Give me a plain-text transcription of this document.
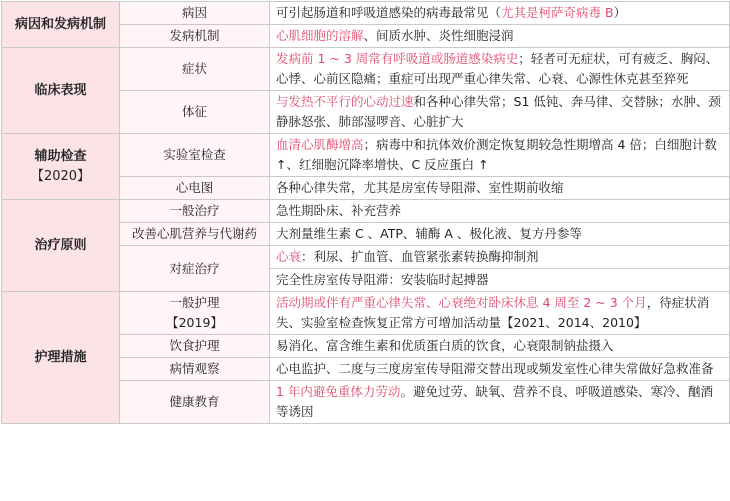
病因和发病机制	病因	可引起肠道和呼吸道感染的病毒最常见（尤其是柯萨奇病毒 B）
	发病机制	心肌细胞的溶解、间质水肿、炎性细胞浸润
临床表现	症状	发病前 1 ~ 3 周常有呼吸道或肠道感染病史；轻者可无症状，可有疲乏、胸闷、心悸、心前区隐痛；重症可出现严重心律失常、心衰、心源性休克甚至猝死
	体征	与发热不平行的心动过速和各种心律失常；S1 低钝、奔马律、交替脉；水肿、颈静脉怒张、肺部湿啰音、心脏扩大
辅助检查
【2020】	实验室检查	血清心肌酶增高；病毒中和抗体效价测定恢复期较急性期增高 4 倍；白细胞计数 ↑、红细胞沉降率增快、C 反应蛋白 ↑
	心电图	各种心律失常，尤其是房室传导阻滞、室性期前收缩
治疗原则	一般治疗	急性期卧床、补充营养
	改善心肌营养与代谢药	大剂量维生素 C 、ATP、辅酶 A 、极化液、复方丹参等
	对症治疗	心衰：利尿、扩血管、血管紧张素转换酶抑制剂
		完全性房室传导阻滞：安装临时起搏器
护理措施	一般护理
【2019】	活动期或伴有严重心律失常、心衰绝对卧床休息 4 周至 2 ~ 3 个月，待症状消失、实验室检查恢复正常方可增加活动量【2021、2014、2010】
	饮食护理	易消化、富含维生素和优质蛋白质的饮食，心衰限制钠盐摄入
	病情观察	心电监护、二度与三度房室传导阻滞交替出现或频发室性心律失常做好急救准备
	健康教育	1 年内避免重体力劳动。避免过劳、缺氧、营养不良、呼吸道感染、寒冷、酗酒等诱因
